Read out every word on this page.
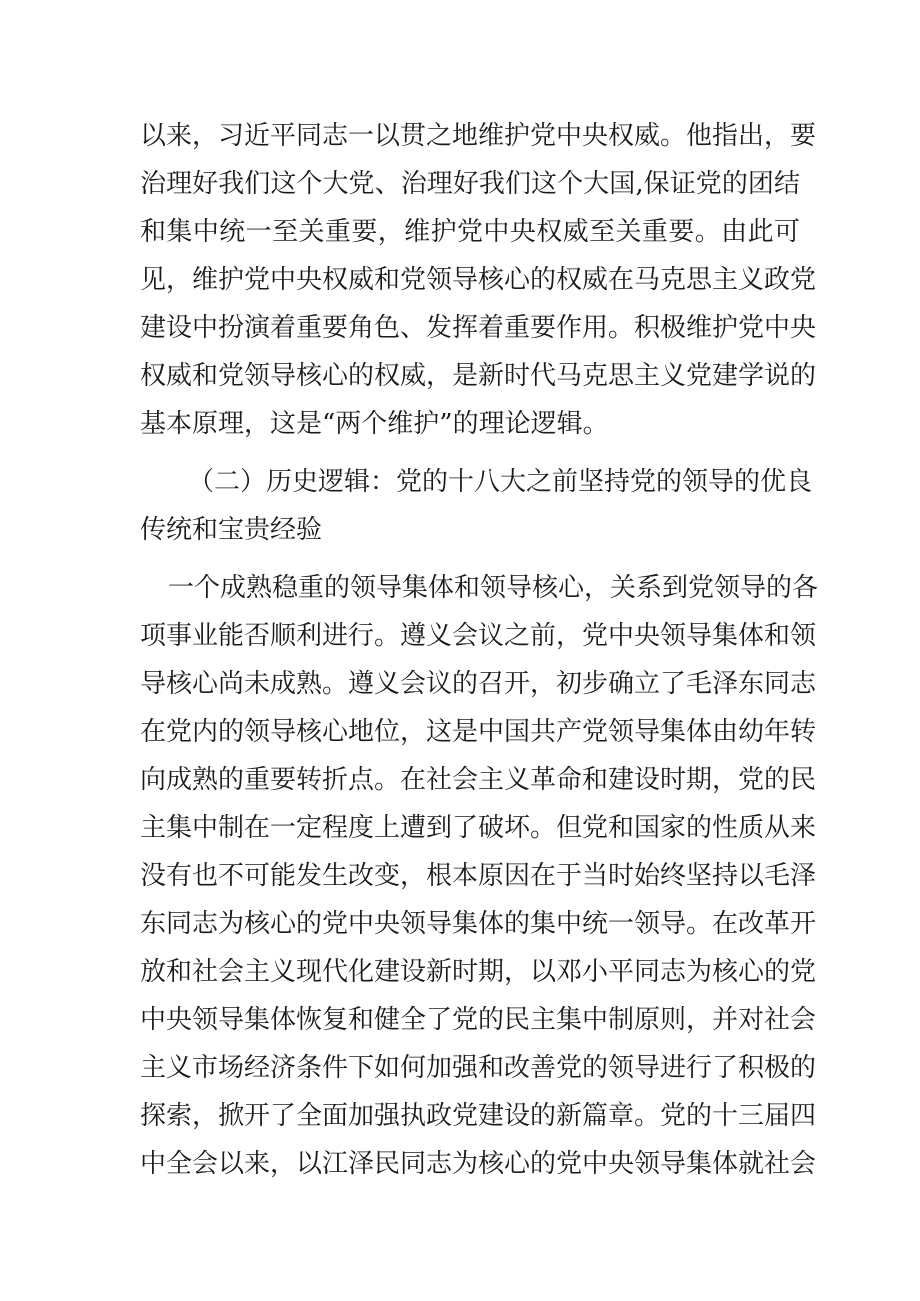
以来，习近平同志一以贯之地维护党中央权威。他指出，要
治理好我们这个大党、治理好我们这个大国,保证党的团结
和集中统一至关重要，维护党中央权威至关重要。由此可
见，维护党中央权威和党领导核心的权威在马克思主义政党
建设中扮演着重要角色、发挥着重要作用。积极维护党中央
权威和党领导核心的权威，是新时代马克思主义党建学说的
基本原理，这是“两个维护”的理论逻辑。
（二）历史逻辑：党的十八大之前坚持党的领导的优良
传统和宝贵经验
一个成熟稳重的领导集体和领导核心，关系到党领导的各
项事业能否顺利进行。遵义会议之前，党中央领导集体和领
导核心尚未成熟。遵义会议的召开，初步确立了毛泽东同志
在党内的领导核心地位，这是中国共产党领导集体由幼年转
向成熟的重要转折点。在社会主义革命和建设时期，党的民
主集中制在一定程度上遭到了破坏。但党和国家的性质从来
没有也不可能发生改变，根本原因在于当时始终坚持以毛泽
东同志为核心的党中央领导集体的集中统一领导。在改革开
放和社会主义现代化建设新时期，以邓小平同志为核心的党
中央领导集体恢复和健全了党的民主集中制原则，并对社会
主义市场经济条件下如何加强和改善党的领导进行了积极的
探索，掀开了全面加强执政党建设的新篇章。党的十三届四
中全会以来，以江泽民同志为核心的党中央领导集体就社会
